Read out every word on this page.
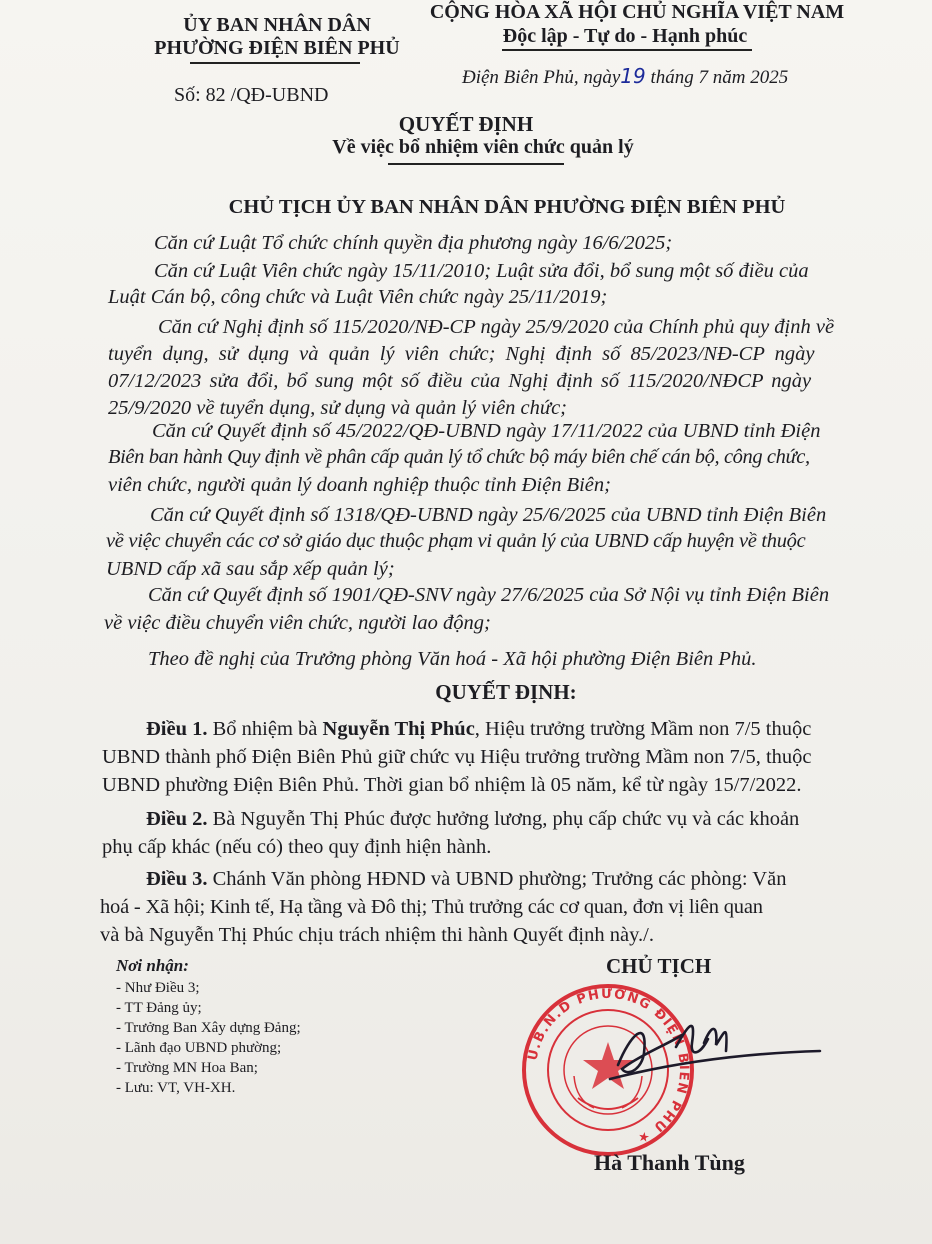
ỦY BAN NHÂN DÂN
PHƯỜNG ĐIỆN BIÊN PHỦ
Số: 82 /QĐ-UBND
CỘNG HÒA XÃ HỘI CHỦ NGHĨA VIỆT NAM
Độc lập - Tự do - Hạnh phúc
Điện Biên Phủ, ngày19 tháng 7 năm 2025
QUYẾT ĐỊNH
Về việc bổ nhiệm viên chức quản lý
CHỦ TỊCH ỦY BAN NHÂN DÂN PHƯỜNG ĐIỆN BIÊN PHỦ
Căn cứ Luật Tổ chức chính quyền địa phương ngày 16/6/2025;
Căn cứ Luật Viên chức ngày 15/11/2010; Luật sửa đổi, bổ sung một số điều của
Luật Cán bộ, công chức và Luật Viên chức ngày 25/11/2019;
Căn cứ Nghị định số 115/2020/NĐ-CP ngày 25/9/2020 của Chính phủ quy định về
tuyển dụng, sử dụng và quản lý viên chức; Nghị định số 85/2023/NĐ-CP ngày
07/12/2023 sửa đổi, bổ sung một số điều của Nghị định số 115/2020/NĐCP ngày
25/9/2020 về tuyển dụng, sử dụng và quản lý viên chức;
Căn cứ Quyết định số 45/2022/QĐ-UBND ngày 17/11/2022 của UBND tỉnh Điện
Biên ban hành Quy định về phân cấp quản lý tổ chức bộ máy biên chế cán bộ, công chức,
viên chức, người quản lý doanh nghiệp thuộc tỉnh Điện Biên;
Căn cứ Quyết định số 1318/QĐ-UBND ngày 25/6/2025 của UBND tỉnh Điện Biên
về việc chuyển các cơ sở giáo dục thuộc phạm vi quản lý của UBND cấp huyện về thuộc
UBND cấp xã sau sắp xếp quản lý;
Căn cứ Quyết định số 1901/QĐ-SNV ngày 27/6/2025 của Sở Nội vụ tỉnh Điện Biên
về việc điều chuyển viên chức, người lao động;
Theo đề nghị của Trưởng phòng Văn hoá - Xã hội phường Điện Biên Phủ.
QUYẾT ĐỊNH:
Điều 1. Bổ nhiệm bà Nguyễn Thị Phúc, Hiệu trưởng trường Mầm non 7/5 thuộc
UBND thành phố Điện Biên Phủ giữ chức vụ Hiệu trưởng trường Mầm non 7/5, thuộc
UBND phường Điện Biên Phủ. Thời gian bổ nhiệm là 05 năm, kể từ ngày 15/7/2022.
Điều 2. Bà Nguyễn Thị Phúc được hưởng lương, phụ cấp chức vụ và các khoản
phụ cấp khác (nếu có) theo quy định hiện hành.
Điều 3. Chánh Văn phòng HĐND và UBND phường; Trưởng các phòng: Văn
hoá - Xã hội; Kinh tế, Hạ tầng và Đô thị; Thủ trưởng các cơ quan, đơn vị liên quan
và bà Nguyễn Thị Phúc chịu trách nhiệm thi hành Quyết định này./.
Nơi nhận:
- Như Điều 3;
- TT Đảng ủy;
- Trưởng Ban Xây dựng Đảng;
- Lãnh đạo UBND phường;
- Trường MN Hoa Ban;
- Lưu: VT, VH-XH.
CHỦ TỊCH
U.B.N.D PHƯỜNG ĐIỆN BIÊN PHỦ ★
Hà Thanh Tùng
